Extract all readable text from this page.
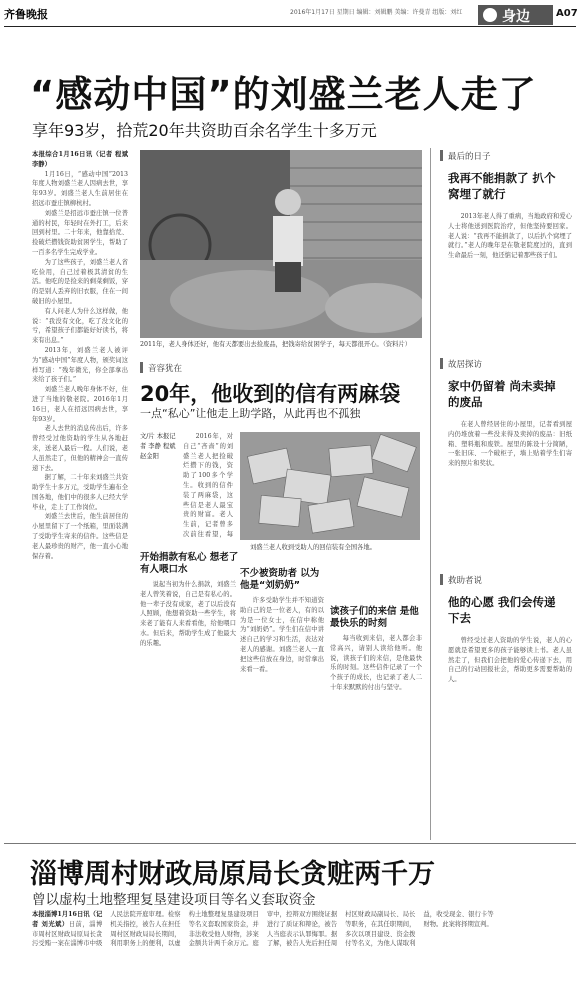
齐鲁晚报	2016年1月17日 星期日 编辑：刘辑鹏 美编：许曼青 组版：刘红	身边	A07
“感动中国”的刘盛兰老人走了
享年93岁，拾荒20年共资助百余名学生十多万元
本报综合1月16日讯（记者 程斌 李静）

1月16日，“感动中国”2013年度人物刘盛兰老人因病去世，享年93岁。刘盛兰老人生前居住在招远市蚕庄镇柳杭村。

刘盛兰是招远市蚕庄镇一位普通的村民，年轻时在外打工，后来回到村里。二十年来，他靠拾荒、捡破烂攒钱资助贫困学生，帮助了一百多名学生完成学业。

为了这些孩子，刘盛兰老人省吃俭用，自己过着极其清贫的生活。他吃的是捡来的剩菜剩饭，穿的是别人丢弃的旧衣服，住在一间破旧的小屋里。

有人问老人为什么这样做，他说：“我没有文化，吃了没文化的亏，希望孩子们都能好好读书，将来有出息。”

2013年，刘盛兰老人被评为“感动中国”年度人物，颁奖词这样写道：“残年微光，你全部拿出来给了孩子们。”

刘盛兰老人晚年身体不好，住进了当地的敬老院。2016年1月16日，老人在招远因病去世，享年93岁。

老人去世的消息传出后，许多曾经受过他资助的学生从各地赶来，送老人最后一程。人们说，老人虽然走了，但他的精神会一直传递下去。

据了解，二十年来刘盛兰共资助学生十多万元，受助学生遍布全国各地，他们中的很多人已经大学毕业，走上了工作岗位。

刘盛兰去世后，他生前居住的小屋里留下了一个纸箱，里面装满了受助学生寄来的信件。这些信是老人最珍贵的财产，他一直小心地保存着。

2011年，老人身体还好，他有天都要出去捡废品，把钱寄给贫困学子，每天都很开心。（资料片）
音容犹在
20年，他收到的信有两麻袋
一点“私心”让他走上助学路，从此再也不孤独
文/片 本报记者 李静 程斌 赵金阳

2016年，对自己“吝啬”的刘盛兰老人把捡破烂攒下的钱，资助了100多个学生。收到的信件装了两麻袋，这些信是老人最宝贵的财富。老人生前，记者曾多次前往看望，每

刘盛兰老人收到受助人的回信装有全国各地。
开始捐款有私心 想老了有人喂口水

说起当初为什么捐款，刘盛兰老人曾笑着说，自己是有私心的。他一辈子没有成家，老了以后没有人照顾，他想着资助一些学生，将来老了能有人来看看他，给他喂口水。但后来，帮助学生成了他最大的乐趣。

不少被资助者 以为他是“刘奶奶”

许多受助学生并不知道资助自己的是一位老人，有的以为是一位女士，在信中称他为“刘奶奶”。学生们在信中讲述自己的学习和生活，表达对老人的感谢。刘盛兰老人一直把这些信放在身边，时常拿出来看一看。

读孩子们的来信 是他最快乐的时刻

每当收到来信，老人都会非常高兴，请别人读给他听。他说，读孩子们的来信，是他最快乐的时刻。这些信件记录了一个个孩子的成长，也记录了老人二十年来默默的付出与坚守。

最后的日子
我再不能捐款了 扒个窝埋了就行

2013年老人得了重病，当地政府和爱心人士将他送到医院治疗，但他坚持要回家。老人说：“我再不能捐款了，以后扒个窝埋了就行。”老人的晚年是在敬老院度过的，直到生命最后一刻，他还惦记着那些孩子们。

故居探访
家中仍留着 尚未卖掉的废品

在老人曾经居住的小屋里，记者看到屋内仍堆放着一些没来得及卖掉的废品：旧纸箱、塑料瓶和废铁。屋里的陈设十分简陋，一张旧床、一个破柜子，墙上贴着学生们寄来的照片和奖状。

救助者说
他的心愿 我们会传递下去

曾经受过老人资助的学生说，老人的心愿就是希望更多的孩子能够读上书。老人虽然走了，但我们会把他的爱心传递下去，用自己的行动回报社会，帮助更多需要帮助的人。

淄博周村财政局原局长贪赃两千万
曾以虚构土地整理复垦建设项目等名义套取资金
本报淄博1月16日讯（记者 刘光斌）日前，淄博市周村区财政局原局长贪污受贿一案在淄博市中级人民法院开庭审理。检察机关指控，被告人在担任周村区财政局局长期间，利用职务上的便利，以虚构土地整理复垦建设项目等名义套取国家资金，并非法收受他人财物，涉案金额共计两千余万元。庭审中，控辩双方围绕证据进行了质证和辩论，被告人当庭表示认罪悔罪。据了解，被告人先后担任周村区财政局副局长、局长等职务，在其任职期间，多次以项目建设、资金拨付等名义，为他人谋取利益，收受现金、银行卡等财物。此案将择期宣判。
